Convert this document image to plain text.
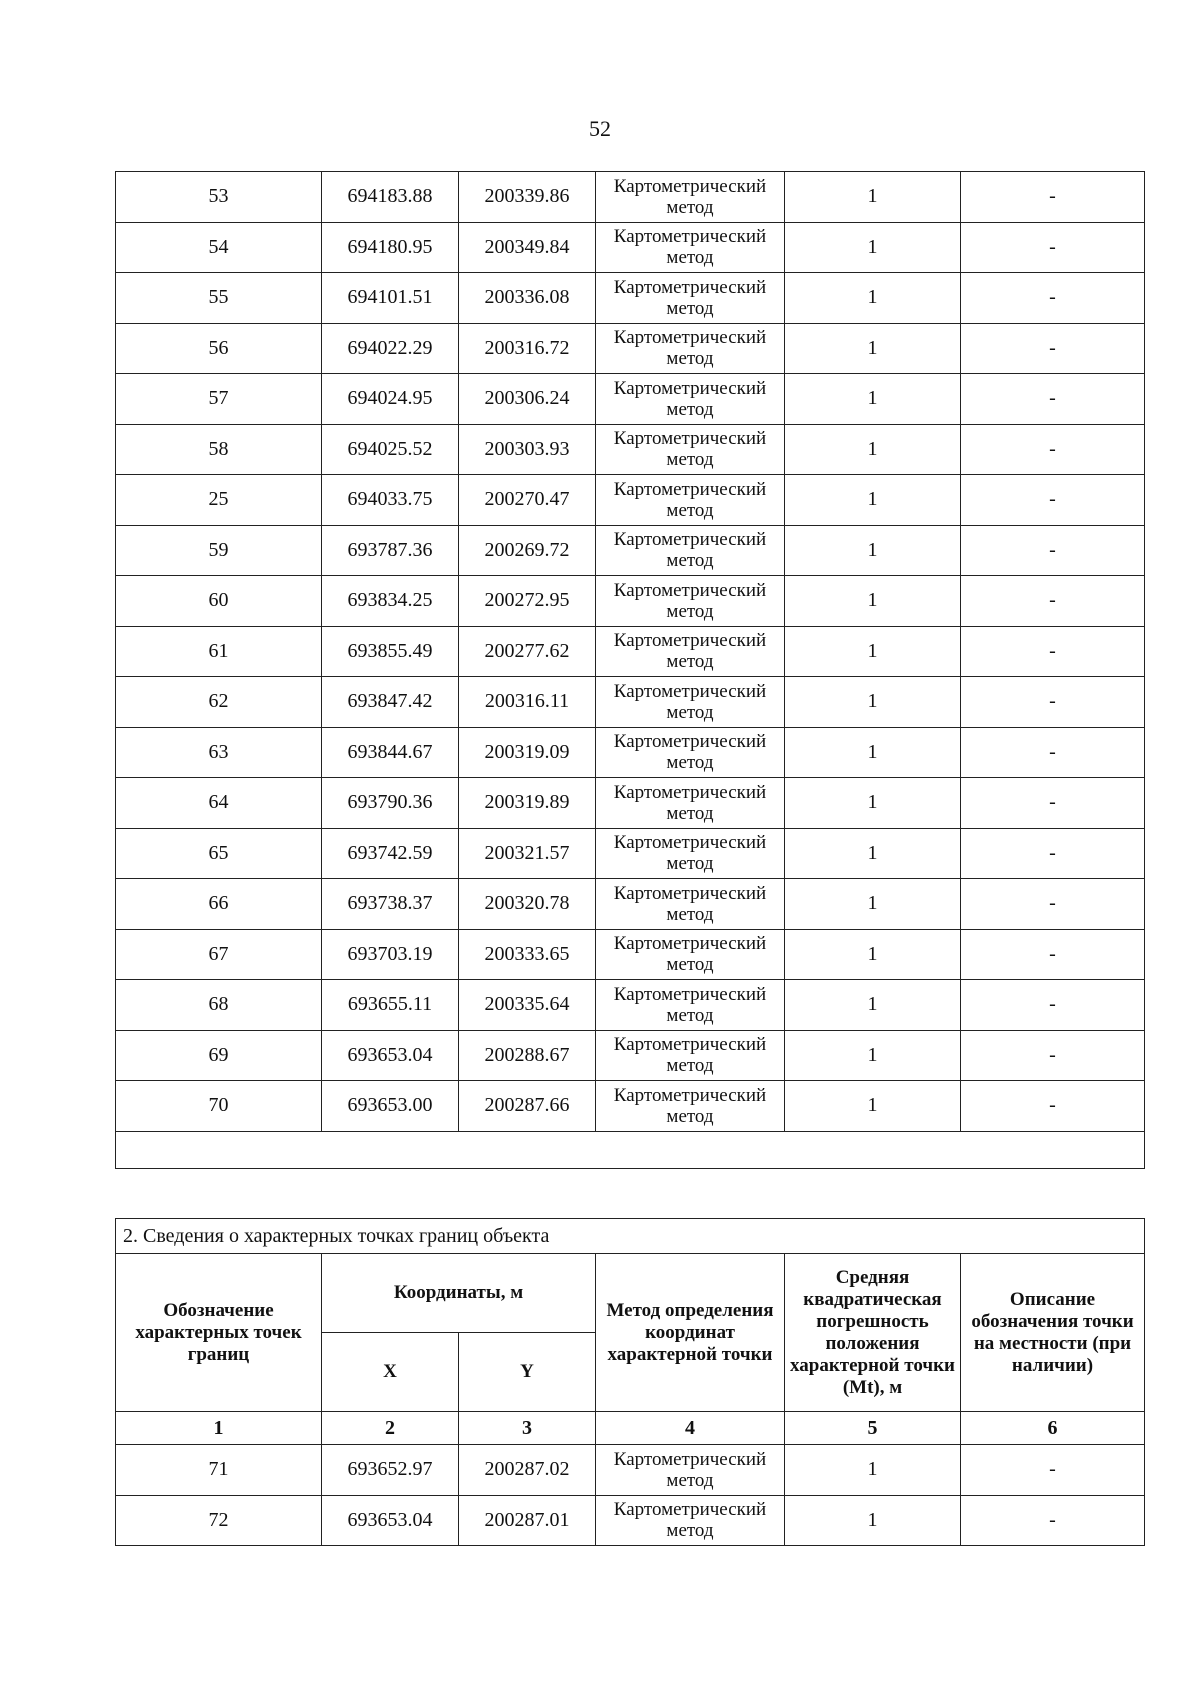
52
53	694183.88	200339.86	Картометрический метод	1	-
54	694180.95	200349.84	Картометрический метод	1	-
55	694101.51	200336.08	Картометрический метод	1	-
56	694022.29	200316.72	Картометрический метод	1	-
57	694024.95	200306.24	Картометрический метод	1	-
58	694025.52	200303.93	Картометрический метод	1	-
25	694033.75	200270.47	Картометрический метод	1	-
59	693787.36	200269.72	Картометрический метод	1	-
60	693834.25	200272.95	Картометрический метод	1	-
61	693855.49	200277.62	Картометрический метод	1	-
62	693847.42	200316.11	Картометрический метод	1	-
63	693844.67	200319.09	Картометрический метод	1	-
64	693790.36	200319.89	Картометрический метод	1	-
65	693742.59	200321.57	Картометрический метод	1	-
66	693738.37	200320.78	Картометрический метод	1	-
67	693703.19	200333.65	Картометрический метод	1	-
68	693655.11	200335.64	Картометрический метод	1	-
69	693653.04	200288.67	Картометрический метод	1	-
70	693653.00	200287.66	Картометрический метод	1	-

2. Сведения о характерных точках границ объекта					
Обозначение характерных точек границ	Координаты, м		Метод определения координат характерной точки	Средняя квадратическая погрешность положения характерной точки (Mt), м	Описание обозначения точки на местности (при наличии)
	X	Y			
1	2	3	4	5	6
71	693652.97	200287.02	Картометрический метод	1	-
72	693653.04	200287.01	Картометрический метод	1	-
